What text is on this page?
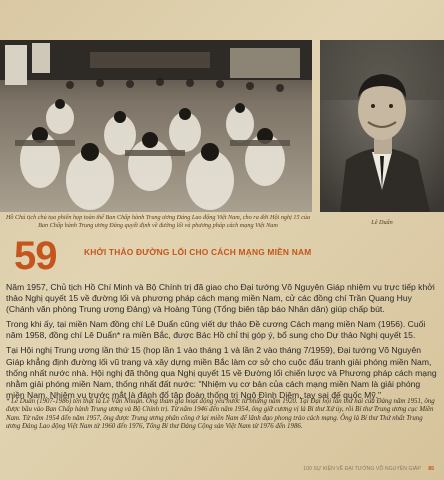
Hồ Chủ tịch chủ tọa phiên họp toàn thể Ban Chấp hành Trung ương Đảng Lao động Việt Nam, cho ra đời Hội nghị 15 của Ban Chấp hành Trung ương Đảng quyết định về đường lối và phương pháp cách mạng Việt Nam	Lê Duẩn
59	KHỞI THẢO ĐƯỜNG LỐI CHO CÁCH MẠNG MIỀN NAM

Năm 1957, Chủ tịch Hồ Chí Minh và Bộ Chính trị đã giao cho Đại tướng Võ Nguyên Giáp nhiệm vụ trực tiếp khởi thảo Nghị quyết 15 về đường lối và phương pháp cách mạng miền Nam, cử các đồng chí Trần Quang Huy (Chánh văn phòng Trung ương Đảng) và Hoàng Tùng (Tổng biên tập báo Nhân dân) giúp chấp bút.

Trong khi ấy, tại miền Nam đồng chí Lê Duẩn cũng viết dự thảo Đề cương Cách mạng miền Nam (1956). Cuối năm 1958, đồng chí Lê Duẩn* ra miền Bắc, được Bác Hồ chỉ thị góp ý, bổ sung cho Dự thảo Nghị quyết 15.

Tại Hội nghị Trung ương lần thứ 15 (họp lần 1 vào tháng 1 và lần 2 vào tháng 7/1959), Đại tướng Võ Nguyên Giáp khẳng định đường lối vũ trang và xây dựng miền Bắc làm cơ sở cho cuộc đấu tranh giải phóng miền Nam, thống nhất nước nhà. Hội nghị đã thông qua Nghị quyết 15 về Đường lối chiến lược và Phương pháp cách mạng nhằm giải phóng miền Nam, thống nhất đất nước: "Nhiệm vụ cơ bản của cách mạng miền Nam là giải phóng miền Nam. Nhiệm vụ trước mắt là đánh đổ tập đoàn thống trị Ngô Đình Diệm, tay sai đế quốc Mỹ."

* Lê Duẩn (1907-1986) tên thật là Lê Văn Nhuận. Ông tham gia hoạt động yêu nước từ những năm 1920. Tại Đại hội lần thứ hai của Đảng năm 1951, ông được bầu vào Ban Chấp hành Trung ương và Bộ Chính trị. Từ năm 1946 đến năm 1954, ông giữ cương vị là Bí thư Xứ ủy, rồi Bí thư Trung ương cục Miền Nam. Từ năm 1954 đến năm 1957, ông được Trung ương phân công ở lại miền Nam để lãnh đạo phong trào cách mạng. Ông là Bí thư Thứ nhất Trung ương Đảng Lao động Việt Nam từ 1960 đến 1976, Tổng Bí thư Đảng Cộng sản Việt Nam từ 1976 đến 1986.
100 SỰ KIỆN VỀ ĐẠI TƯỚNG VÕ NGUYÊN GIÁP 85
